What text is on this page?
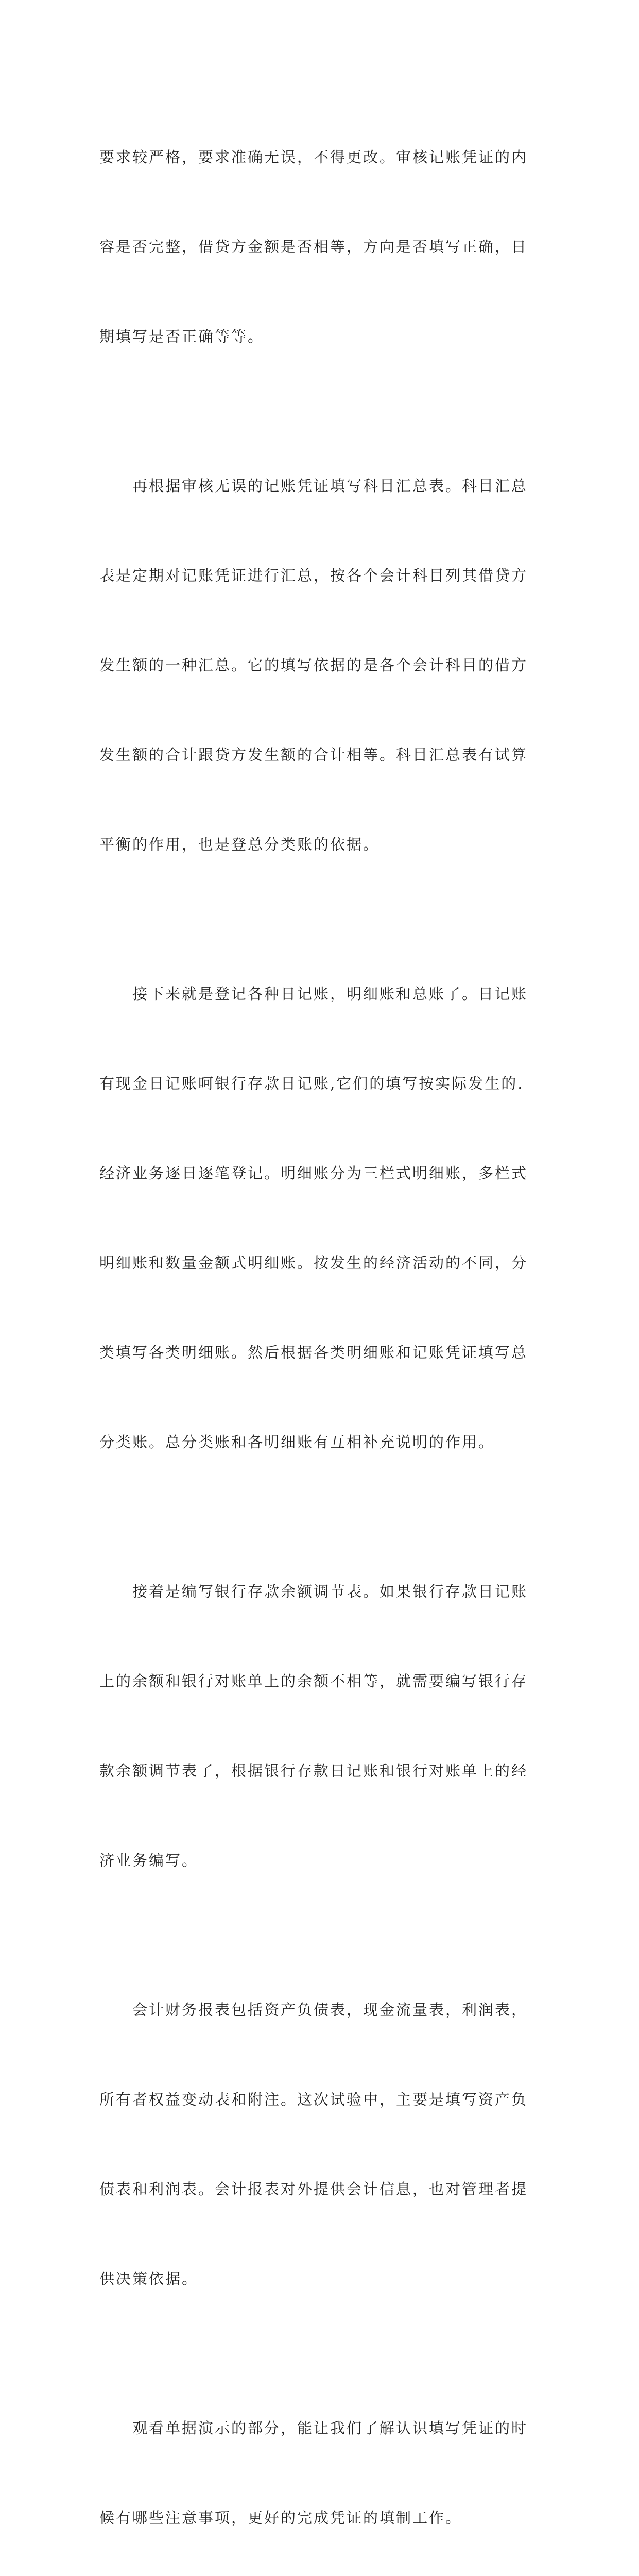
要求较严格，要求准确无误，不得更改。审核记账凭证的内

容是否完整，借贷方金额是否相等，方向是否填写正确，日

期填写是否正确等等。

　　再根据审核无误的记账凭证填写科目汇总表。科目汇总

表是定期对记账凭证进行汇总，按各个会计科目列其借贷方

发生额的一种汇总。它的填写依据的是各个会计科目的借方

发生额的合计跟贷方发生额的合计相等。科目汇总表有试算

平衡的作用，也是登总分类账的依据。

　　接下来就是登记各种日记账，明细账和总账了。日记账

有现金日记账呵银行存款日记账,它们的填写按实际发生的.

经济业务逐日逐笔登记。明细账分为三栏式明细账，多栏式

明细账和数量金额式明细账。按发生的经济活动的不同，分

类填写各类明细账。然后根据各类明细账和记账凭证填写总

分类账。总分类账和各明细账有互相补充说明的作用。

　　接着是编写银行存款余额调节表。如果银行存款日记账

上的余额和银行对账单上的余额不相等，就需要编写银行存

款余额调节表了，根据银行存款日记账和银行对账单上的经

济业务编写。

　　会计财务报表包括资产负债表，现金流量表，利润表，

所有者权益变动表和附注。这次试验中，主要是填写资产负

债表和利润表。会计报表对外提供会计信息，也对管理者提

供决策依据。

　　观看单据演示的部分，能让我们了解认识填写凭证的时

候有哪些注意事项，更好的完成凭证的填制工作。
